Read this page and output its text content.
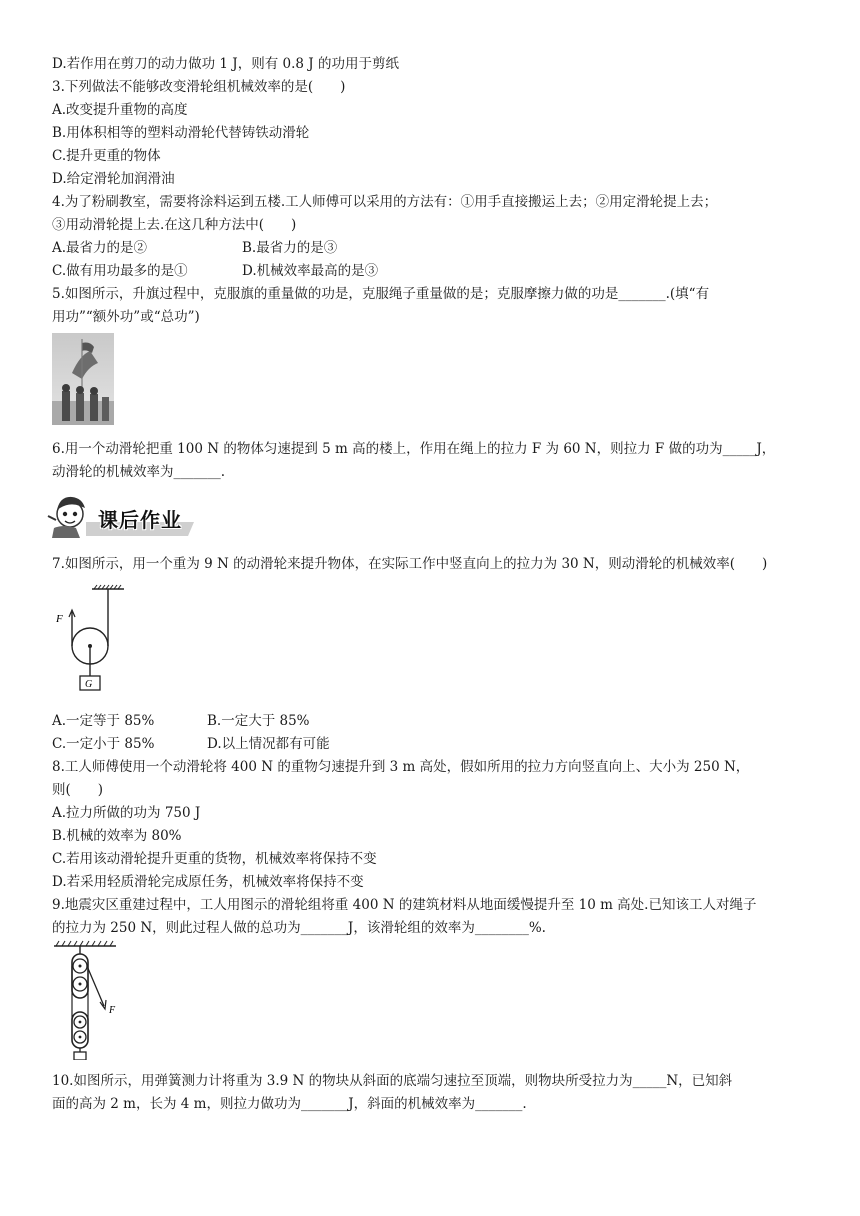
D.若作用在剪刀的动力做功 1 J，则有 0.8 J 的功用于剪纸
3.下列做法不能够改变滑轮组机械效率的是(　　)
A.改变提升重物的高度
B.用体积相等的塑料动滑轮代替铸铁动滑轮
C.提升更重的物体
D.给定滑轮加润滑油
4.为了粉刷教室，需要将涂料运到五楼.工人师傅可以采用的方法有：①用手直接搬运上去；②用定滑轮提上去；
③用动滑轮提上去.在这几种方法中(　　)
A.最省力的是②	B.最省力的是③
C.做有用功最多的是①	D.机械效率最高的是③
5.如图所示，升旗过程中，克服旗的重量做的功是，克服绳子重量做的是；克服摩擦力做的功是_______.(填“有
用功”“额外功”或“总功”)
6.用一个动滑轮把重 100 N 的物体匀速提到 5 m 高的楼上，作用在绳上的拉力 F 为 60 N，则拉力 F 做的功为_____J，
动滑轮的机械效率为_______.
课后作业
7.如图所示，用一个重为 9 N 的动滑轮来提升物体，在实际工作中竖直向上的拉力为 30 N，则动滑轮的机械效率(　　)
F
G
A.一定等于 85%	B.一定大于 85%
C.一定小于 85%	D.以上情况都有可能
8.工人师傅使用一个动滑轮将 400 N 的重物匀速提升到 3 m 高处，假如所用的拉力方向竖直向上、大小为 250 N，
则(　　)
A.拉力所做的功为 750 J
B.机械的效率为 80%
C.若用该动滑轮提升更重的货物，机械效率将保持不变
D.若采用轻质滑轮完成原任务，机械效率将保持不变
9.地震灾区重建过程中，工人用图示的滑轮组将重 400 N 的建筑材料从地面缓慢提升至 10 m 高处.已知该工人对绳子
的拉力为 250 N，则此过程人做的总功为_______J，该滑轮组的效率为________%.
F
10.如图所示，用弹簧测力计将重为 3.9 N 的物块从斜面的底端匀速拉至顶端，则物块所受拉力为_____N，已知斜
面的高为 2 m，长为 4 m，则拉力做功为_______J，斜面的机械效率为_______.
